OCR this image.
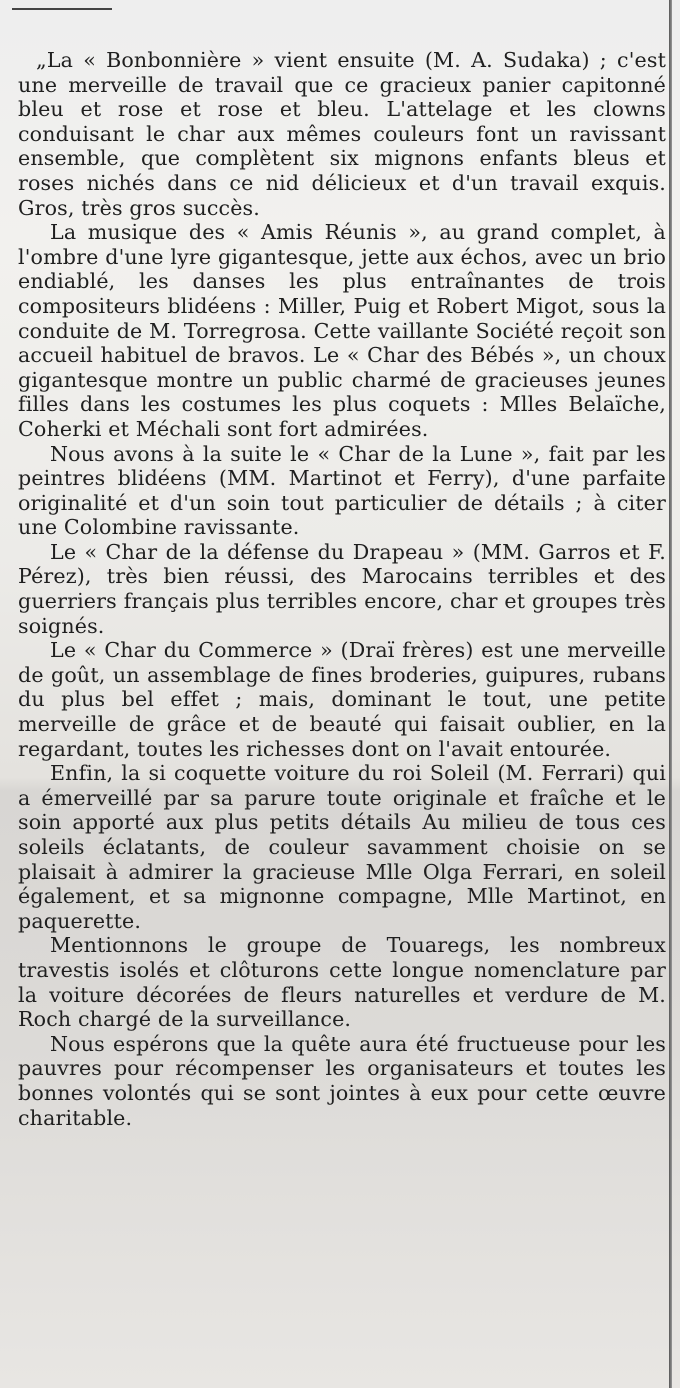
„La « Bonbonnière » vient ensuite (M. A. Sudaka) ; c'est une merveille de travail que ce gracieux panier capitonné bleu et rose et rose et bleu. L'attelage et les clowns conduisant le char aux mêmes couleurs font un ravissant ensemble, que complètent six mignons enfants bleus et roses nichés dans ce nid délicieux et d'un travail exquis. Gros, très gros succès.

La musique des « Amis Réunis », au grand complet, à l'ombre d'une lyre gigantesque, jette aux échos, avec un brio endiablé, les danses les plus entraînantes de trois compositeurs blidéens : Miller, Puig et Robert Migot, sous la conduite de M. Torregrosa. Cette vaillante Société reçoit son accueil habituel de bravos. Le « Char des Bébés », un choux gigantesque montre un public charmé de gracieuses jeunes filles dans les costumes les plus coquets : Mlles Belaïche, Coherki et Méchali sont fort admirées.

Nous avons à la suite le « Char de la Lune », fait par les peintres blidéens (MM. Martinot et Ferry), d'une parfaite originalité et d'un soin tout particulier de détails ; à citer une Colombine ravissante.

Le « Char de la défense du Drapeau » (MM. Garros et F. Pérez), très bien réussi, des Marocains terribles et des guerriers français plus terribles encore, char et groupes très soignés.

Le « Char du Commerce » (Draï frères) est une merveille de goût, un assemblage de fines broderies, guipures, rubans du plus bel effet ; mais, dominant le tout, une petite merveille de grâce et de beauté qui faisait oublier, en la regardant, toutes les richesses dont on l'avait entourée.

Enfin, la si coquette voiture du roi Soleil (M. Ferrari) qui a émerveillé par sa parure toute originale et fraîche et le soin apporté aux plus petits détails Au milieu de tous ces soleils éclatants, de couleur savamment choisie on se plaisait à admirer la gracieuse Mlle Olga Ferrari, en soleil également, et sa mignonne compagne, Mlle Martinot, en paquerette.

Mentionnons le groupe de Touaregs, les nombreux travestis isolés et clôturons cette longue nomenclature par la voiture décorées de fleurs naturelles et verdure de M. Roch chargé de la surveillance.

Nous espérons que la quête aura été fructueuse pour les pauvres pour récompenser les organisateurs et toutes les bonnes volontés qui se sont jointes à eux pour cette œuvre charitable.
